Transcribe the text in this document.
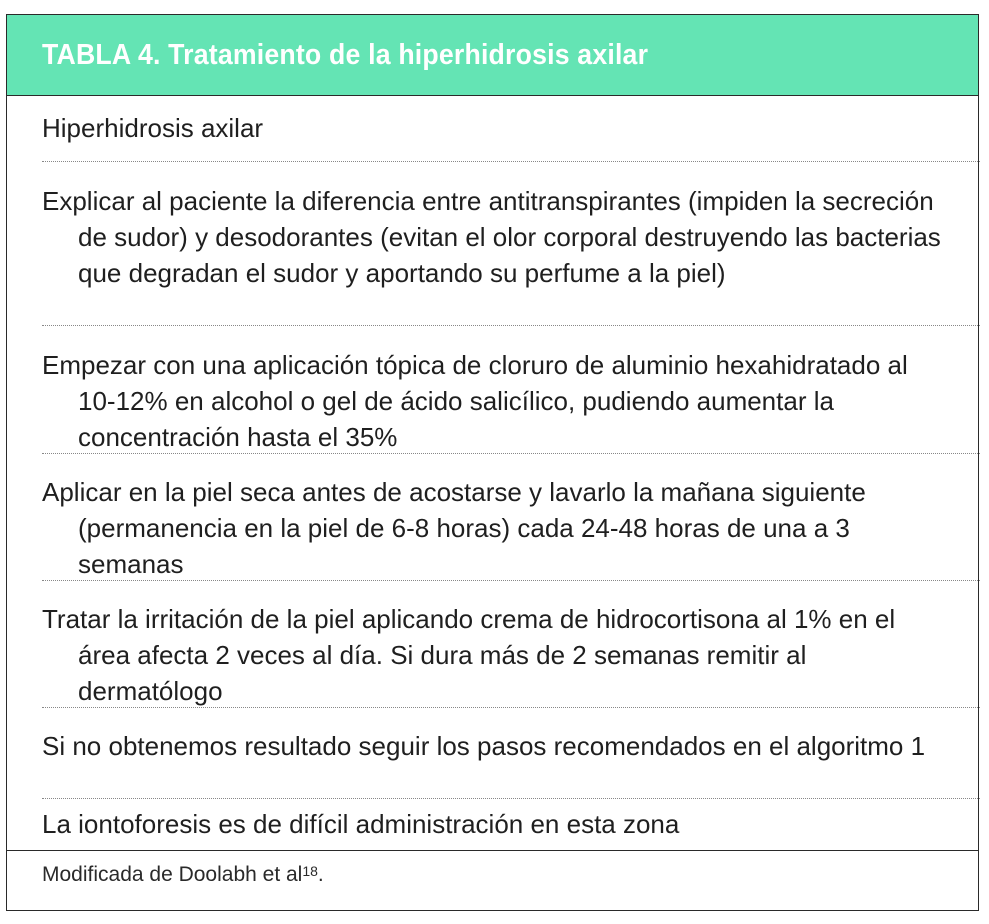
TABLA 4. Tratamiento de la hiperhidrosis axilar
Hiperhidrosis axilar
Explicar al paciente la diferencia entre antitranspirantes (impiden la secreción de sudor) y desodorantes (evitan el olor corporal destruyendo las bacterias que degradan el sudor y aportando su perfume a la piel)
Empezar con una aplicación tópica de cloruro de aluminio hexahidratado al 10-12% en alcohol o gel de ácido salicílico, pudiendo aumentar la concentración hasta el 35%
Aplicar en la piel seca antes de acostarse y lavarlo la mañana siguiente (permanencia en la piel de 6-8 horas) cada 24-48 horas de una a 3 semanas
Tratar la irritación de la piel aplicando crema de hidrocortisona al 1% en el área afecta 2 veces al día. Si dura más de 2 semanas remitir al dermatólogo
Si no obtenemos resultado seguir los pasos recomendados en el algoritmo 1
La iontoforesis es de difícil administración en esta zona
Modificada de Doolabh et $al^{18}$.
